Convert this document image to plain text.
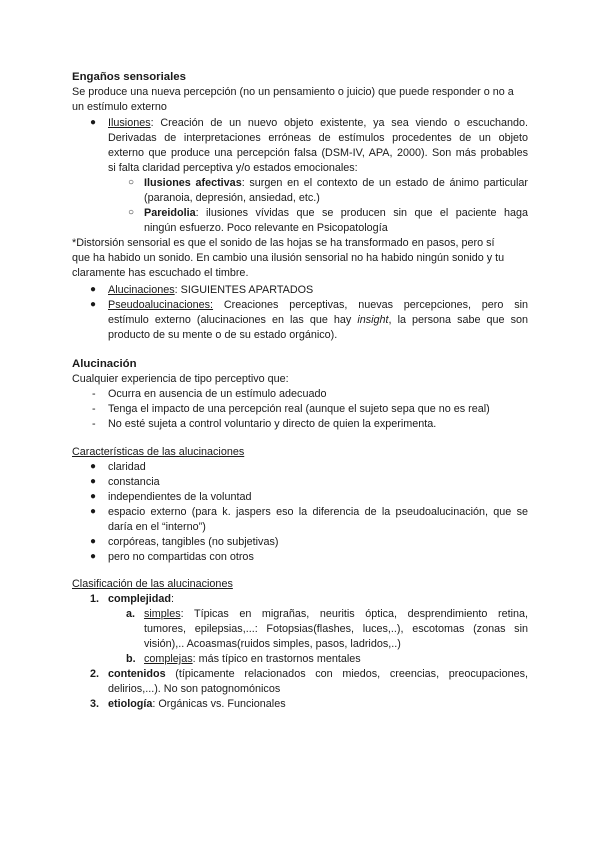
Engaños sensoriales
Se produce una nueva percepción (no un pensamiento o juicio) que puede responder o no a
un estímulo externo
● Ilusiones: Creación de un nuevo objeto existente, ya sea viendo o escuchando.
Derivadas de interpretaciones erróneas de estímulos procedentes de un objeto
externo que produce una percepción falsa (DSM-IV, APA, 2000). Son más probables
si falta claridad perceptiva y/o estados emocionales:
○ Ilusiones afectivas: surgen en el contexto de un estado de ánimo particular
(paranoia, depresión, ansiedad, etc.)
○ Pareidolia: ilusiones vívidas que se producen sin que el paciente haga
ningún esfuerzo. Poco relevante en Psicopatología
*Distorsión sensorial es que el sonido de las hojas se ha transformado en pasos, pero sí
que ha habido un sonido. En cambio una ilusión sensorial no ha habido ningún sonido y tu
claramente has escuchado el timbre.
● Alucinaciones: SIGUIENTES APARTADOS
● Pseudoalucinaciones: Creaciones perceptivas, nuevas percepciones, pero sin
estímulo externo (alucinaciones en las que hay insight, la persona sabe que son
producto de su mente o de su estado orgánico).
Alucinación
Cualquier experiencia de tipo perceptivo que:
- Ocurra en ausencia de un estímulo adecuado
- Tenga el impacto de una percepción real (aunque el sujeto sepa que no es real)
- No esté sujeta a control voluntario y directo de quien la experimenta.
Características de las alucinaciones
● claridad
● constancia
● independientes de la voluntad
● espacio externo (para k. jaspers eso la diferencia de la pseudoalucinación, que se
daría en el “interno”)
● corpóreas, tangibles (no subjetivas)
● pero no compartidas con otros
Clasificación de las alucinaciones
1. complejidad:
a. simples: Típicas en migrañas, neuritis óptica, desprendimiento retina,
tumores, epilepsias,...: Fotopsias(flashes, luces,..), escotomas (zonas sin
visión),.. Acoasmas(ruidos simples, pasos, ladridos,..)
b. complejas: más típico en trastornos mentales
2. contenidos (típicamente relacionados con miedos, creencias, preocupaciones,
delirios,...). No son patognomónicos
3. etiología: Orgánicas vs. Funcionales
